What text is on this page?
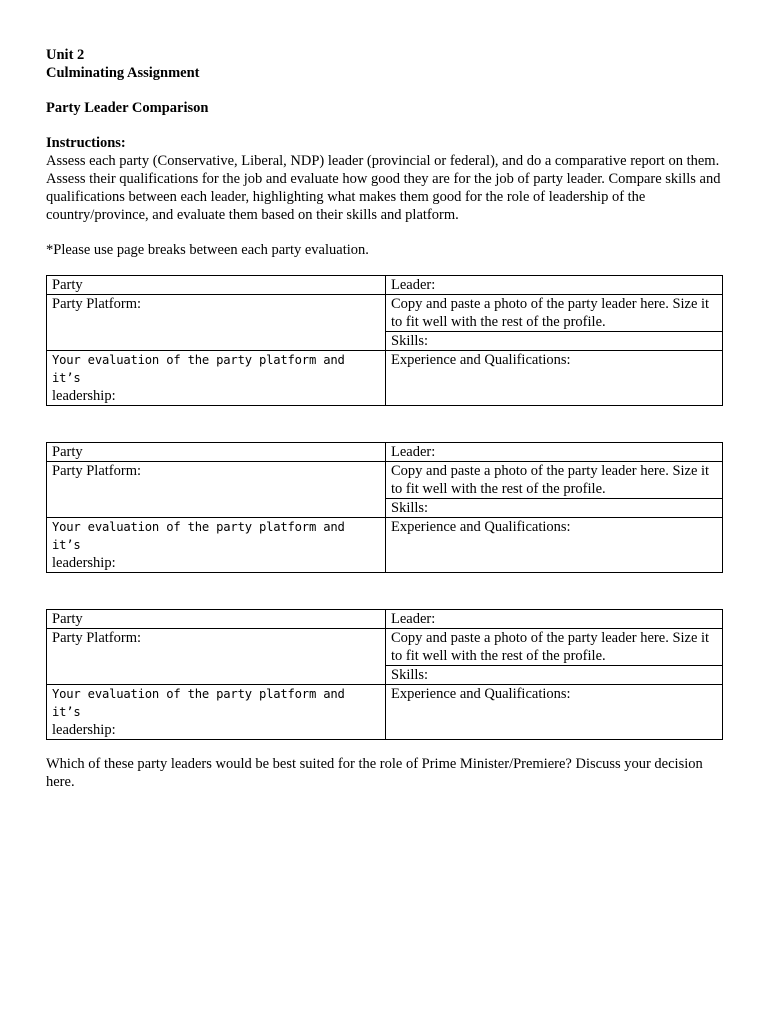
Unit 2

Culminating Assignment

Party Leader Comparison

Instructions:

Assess each party (Conservative, Liberal, NDP) leader (provincial or federal), and do a comparative report on them. Assess their qualifications for the job and evaluate how good they are for the job of party leader. Compare skills and qualifications between each leader, highlighting what makes them good for the role of leadership of the country/province, and evaluate them based on their skills and platform.

*Please use page breaks between each party evaluation.

Party	Leader:
Party Platform:	Copy and paste a photo of the party leader here. Size it to fit well with the rest of the profile.
	Skills:
Your evaluation of the party platform and it’s
leadership:	Experience and Qualifications:
Party	Leader:
Party Platform:	Copy and paste a photo of the party leader here. Size it to fit well with the rest of the profile.
	Skills:
Your evaluation of the party platform and it’s
leadership:	Experience and Qualifications:
Party	Leader:
Party Platform:	Copy and paste a photo of the party leader here. Size it to fit well with the rest of the profile.
	Skills:
Your evaluation of the party platform and it’s
leadership:	Experience and Qualifications:

Which of these party leaders would be best suited for the role of Prime Minister/Premiere? Discuss your decision here.
